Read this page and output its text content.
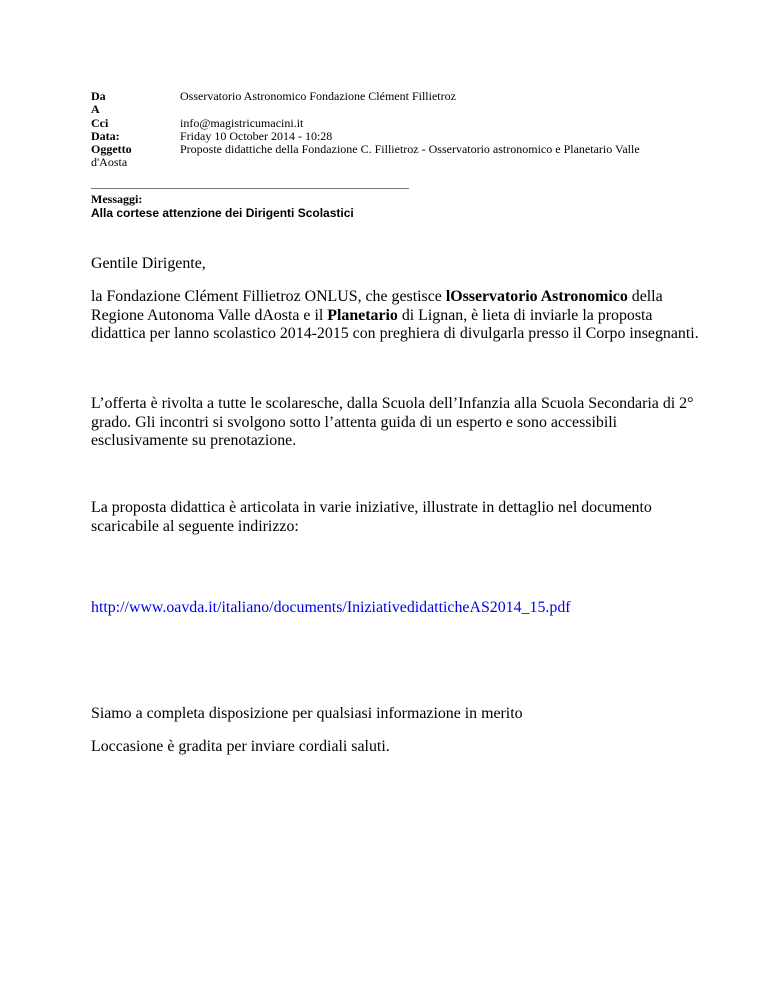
Da	Osservatorio Astronomico Fondazione Clément Fillietroz
A
Cci	info@magistricumacini.it
Data:	Friday 10 October 2014 - 10:28
Oggetto	Proposte didattiche della Fondazione C. Fillietroz - Osservatorio astronomico e Planetario Valle
d'Aosta
Messaggi:
Alla cortese attenzione dei Dirigenti Scolastici

Gentile Dirigente,

la Fondazione Clément Fillietroz ONLUS, che gestisce lOsservatorio Astronomico della Regione Autonoma Valle dAosta e il Planetario di Lignan, è lieta di inviarle la proposta didattica per lanno scolastico 2014-2015 con preghiera di divulgarla presso il Corpo insegnanti.

L’offerta è rivolta a tutte le scolaresche, dalla Scuola dell’Infanzia alla Scuola Secondaria di 2° grado. Gli incontri si svolgono sotto l’attenta guida di un esperto e sono accessibili esclusivamente su prenotazione.

La proposta didattica è articolata in varie iniziative, illustrate in dettaglio nel documento scaricabile al seguente indirizzo:

http://www.oavda.it/italiano/documents/IniziativedidatticheAS2014_15.pdf

Siamo a completa disposizione per qualsiasi informazione in merito

Loccasione è gradita per inviare cordiali saluti.
